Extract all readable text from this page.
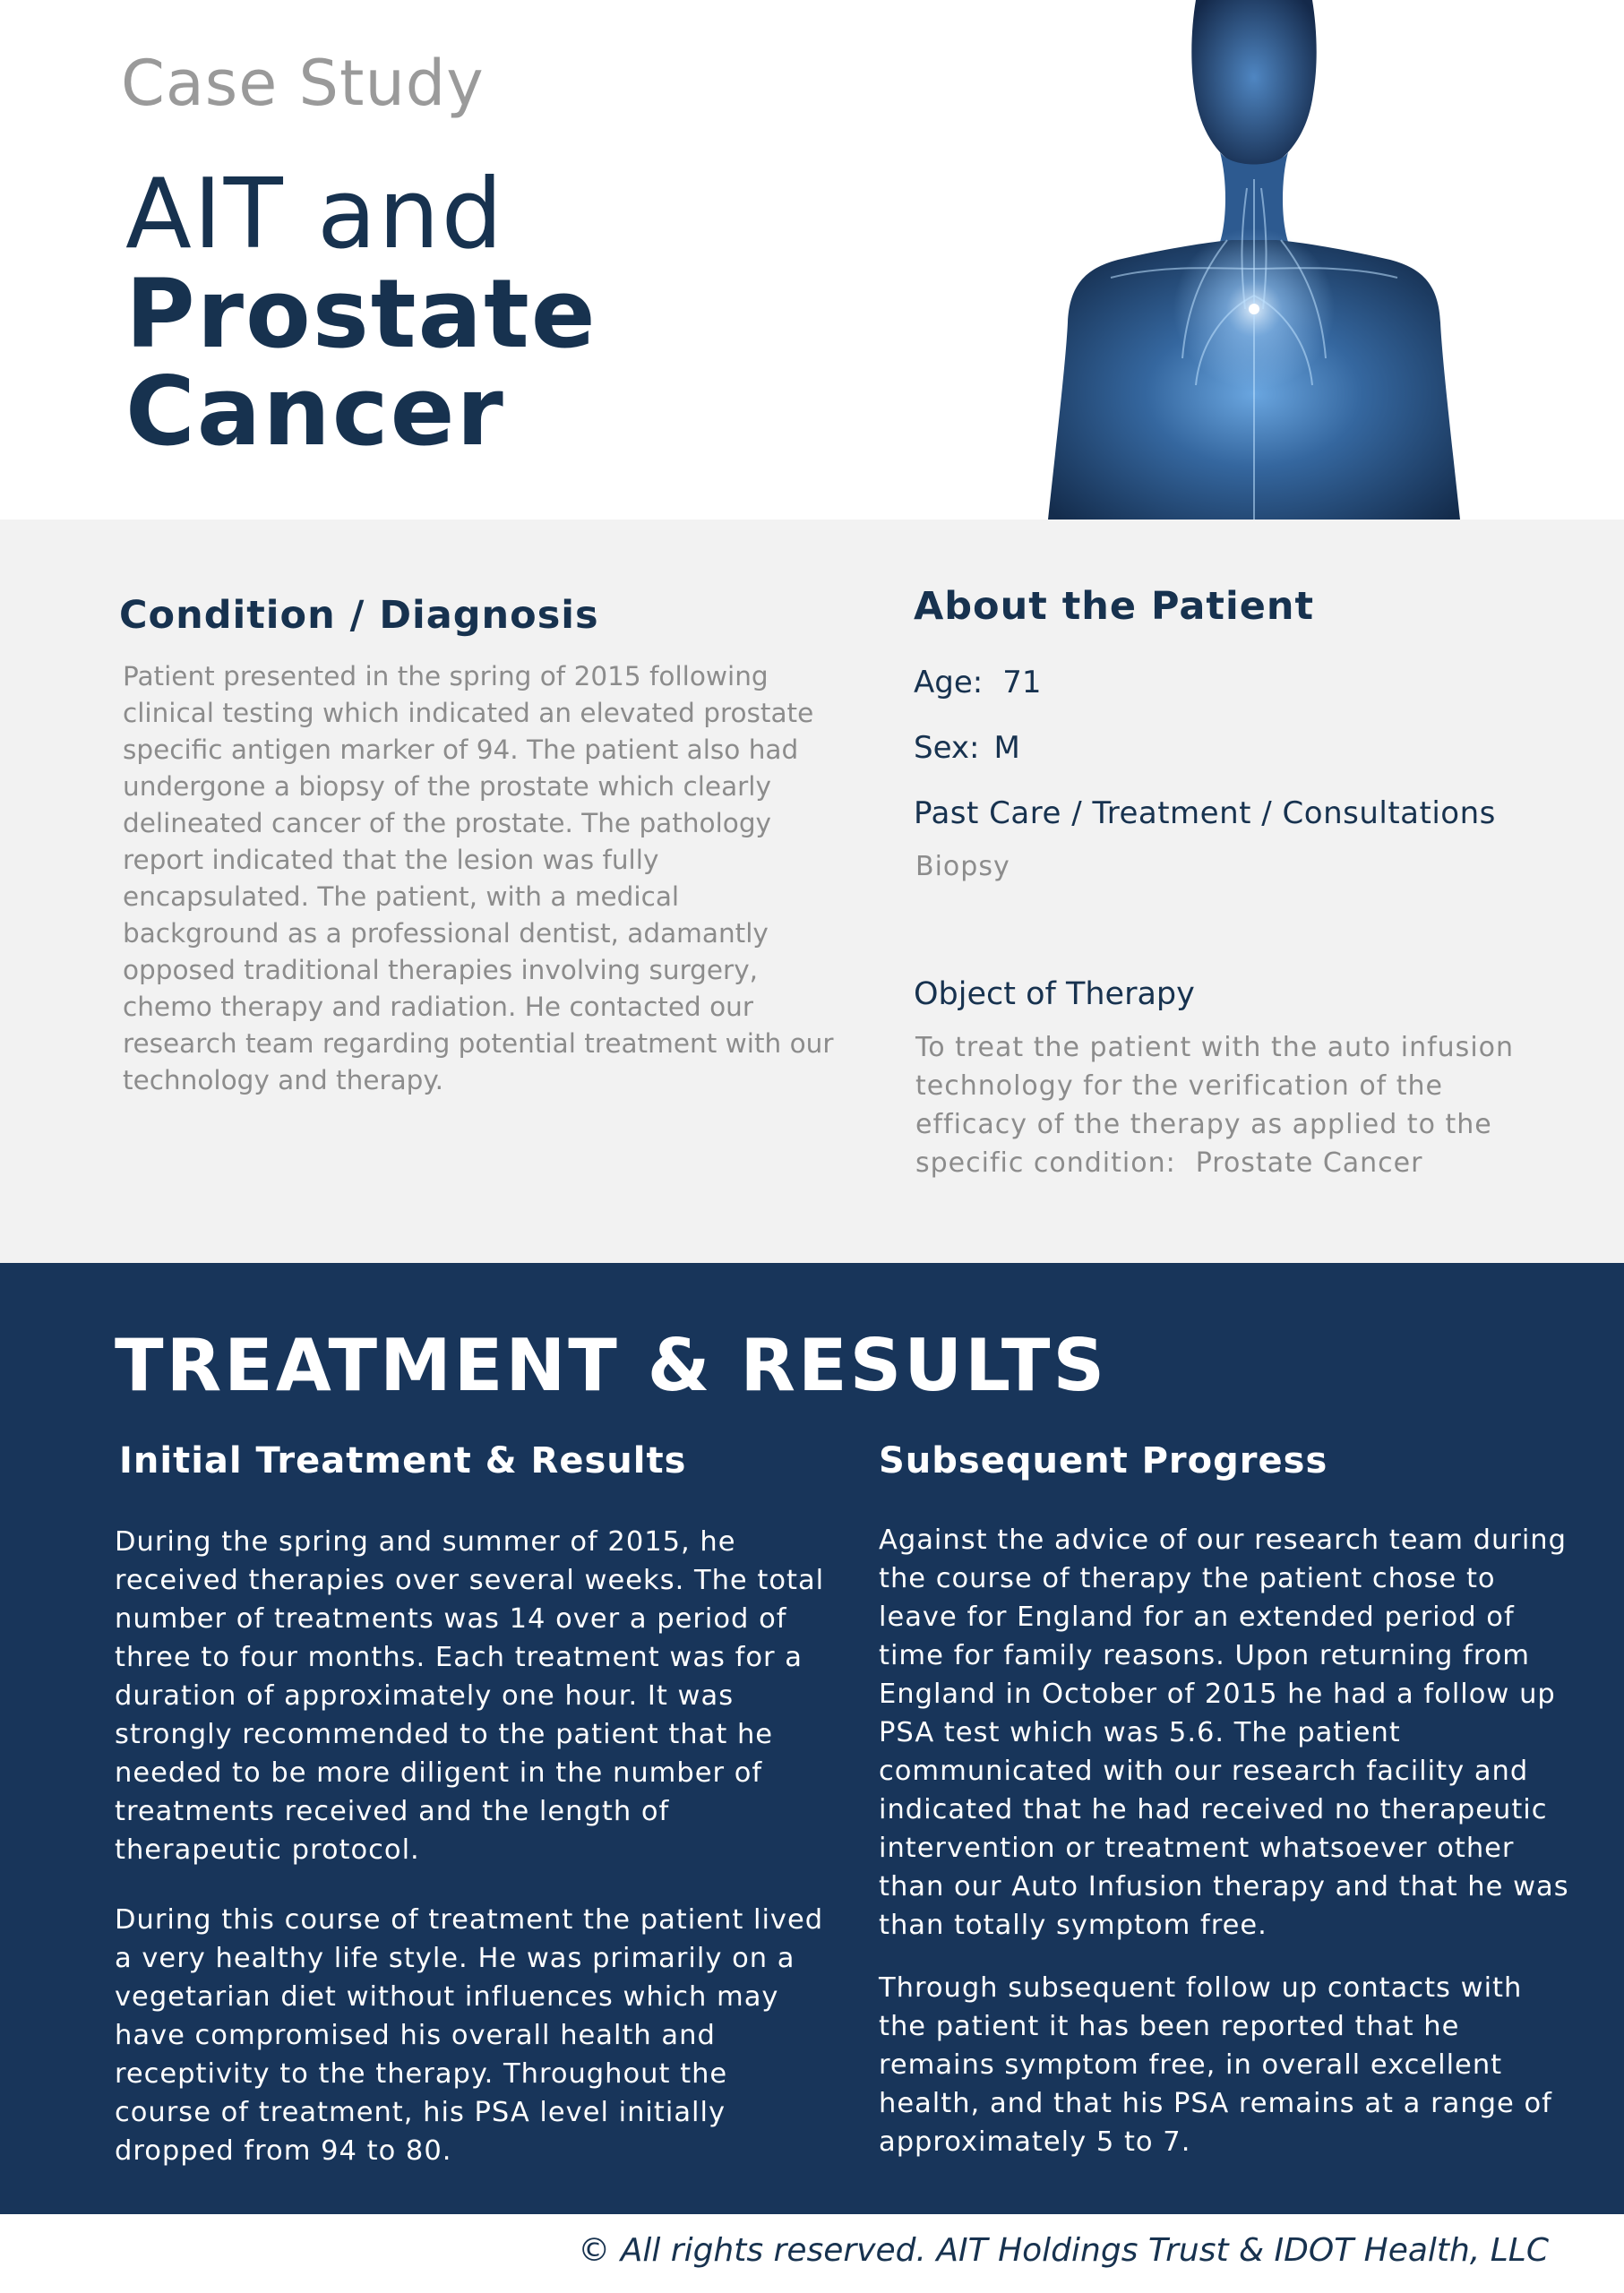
Case Study
AIT and
Prostate
Cancer
Condition / Diagnosis

Patient presented in the spring of 2015 following clinical testing which indicated an elevated prostate specific antigen marker of 94. The patient also had undergone a biopsy of the prostate which clearly delineated cancer of the prostate. The pathology report indicated that the lesion was fully encapsulated. The patient, with a medical background as a professional dentist, adamantly opposed traditional therapies involving surgery, chemo therapy and radiation. He contacted our research team regarding potential treatment with our technology and therapy.

About the Patient
Age: 71
Sex: M
Past Care / Treatment / Consultations
Biopsy
Object of Therapy

To treat the patient with the auto infusion technology for the verification of the efficacy of the therapy as applied to the specific condition: Prostate Cancer

TREATMENT & RESULTS
Initial Treatment & Results

During the spring and summer of 2015, he received therapies over several weeks. The total number of treatments was 14 over a period of three to four months. Each treatment was for a duration of approximately one hour. It was strongly recommended to the patient that he needed to be more diligent in the number of treatments received and the length of therapeutic protocol.

During this course of treatment the patient lived a very healthy life style. He was primarily on a vegetarian diet without influences which may have compromised his overall health and receptivity to the therapy. Throughout the course of treatment, his PSA level initially dropped from 94 to 80.

Subsequent Progress

Against the advice of our research team during the course of therapy the patient chose to leave for England for an extended period of time for family reasons. Upon returning from England in October of 2015 he had a follow up PSA test which was 5.6. The patient communicated with our research facility and indicated that he had received no therapeutic intervention or treatment whatsoever other than our Auto Infusion therapy and that he was than totally symptom free.

Through subsequent follow up contacts with the patient it has been reported that he remains symptom free, in overall excellent health, and that his PSA remains at a range of approximately 5 to 7.

© All rights reserved. AIT Holdings Trust & IDOT Health, LLC
